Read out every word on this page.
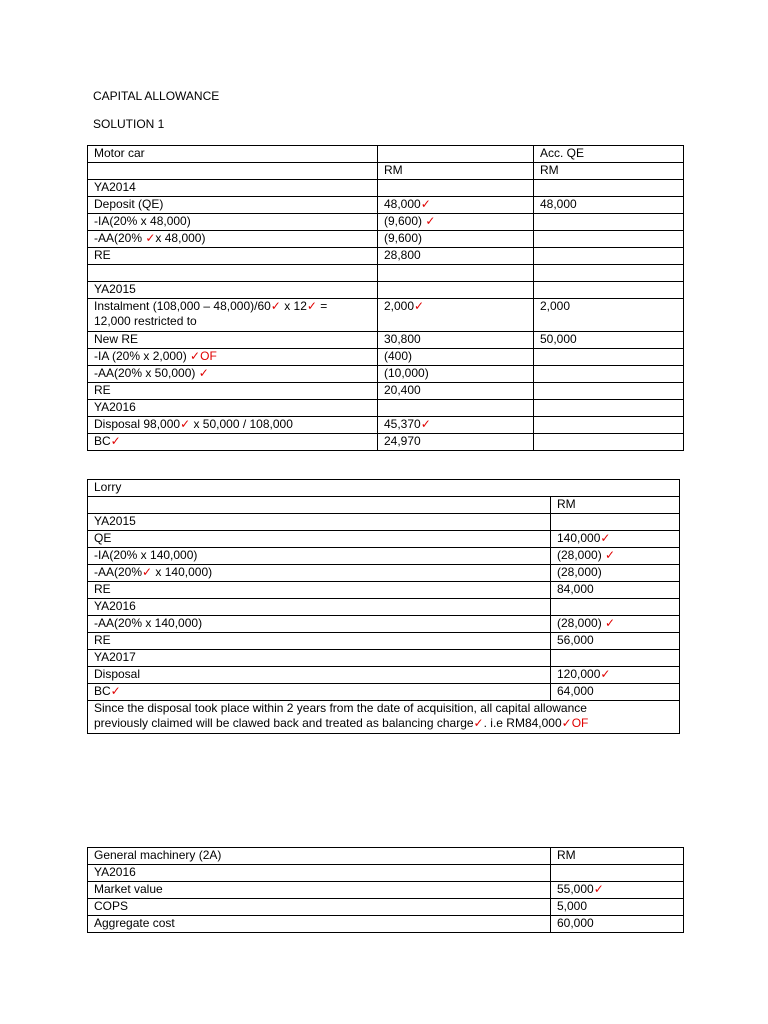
CAPITAL ALLOWANCE
SOLUTION 1
Motor car		Acc. QE
	RM	RM
YA2014		
Deposit (QE)	48,000✓	48,000
-IA(20% x 48,000)	(9,600) ✓	
-AA(20% ✓x 48,000)	(9,600)	
RE	28,800	

YA2015		
Instalment (108,000 – 48,000)/60✓ x 12✓ =
12,000 restricted to	2,000✓	2,000
New RE	30,800	50,000
-IA (20% x 2,000) ✓OF	(400)	
-AA(20% x 50,000) ✓	(10,000)	
RE	20,400	
YA2016		
Disposal 98,000✓ x 50,000 / 108,000	45,370✓	
BC✓	24,970	
Lorry	
	RM
YA2015	
QE	140,000✓
-IA(20% x 140,000)	(28,000) ✓
-AA(20%✓ x 140,000)	(28,000)
RE	84,000
YA2016	
-AA(20% x 140,000)	(28,000) ✓
RE	56,000
YA2017	
Disposal	120,000✓
BC✓	64,000
Since the disposal took place within 2 years from the date of acquisition, all capital allowance
previously claimed will be clawed back and treated as balancing charge✓. i.e RM84,000✓OF	
General machinery (2A)	RM
YA2016	
Market value	55,000✓
COPS	5,000
Aggregate cost	60,000
